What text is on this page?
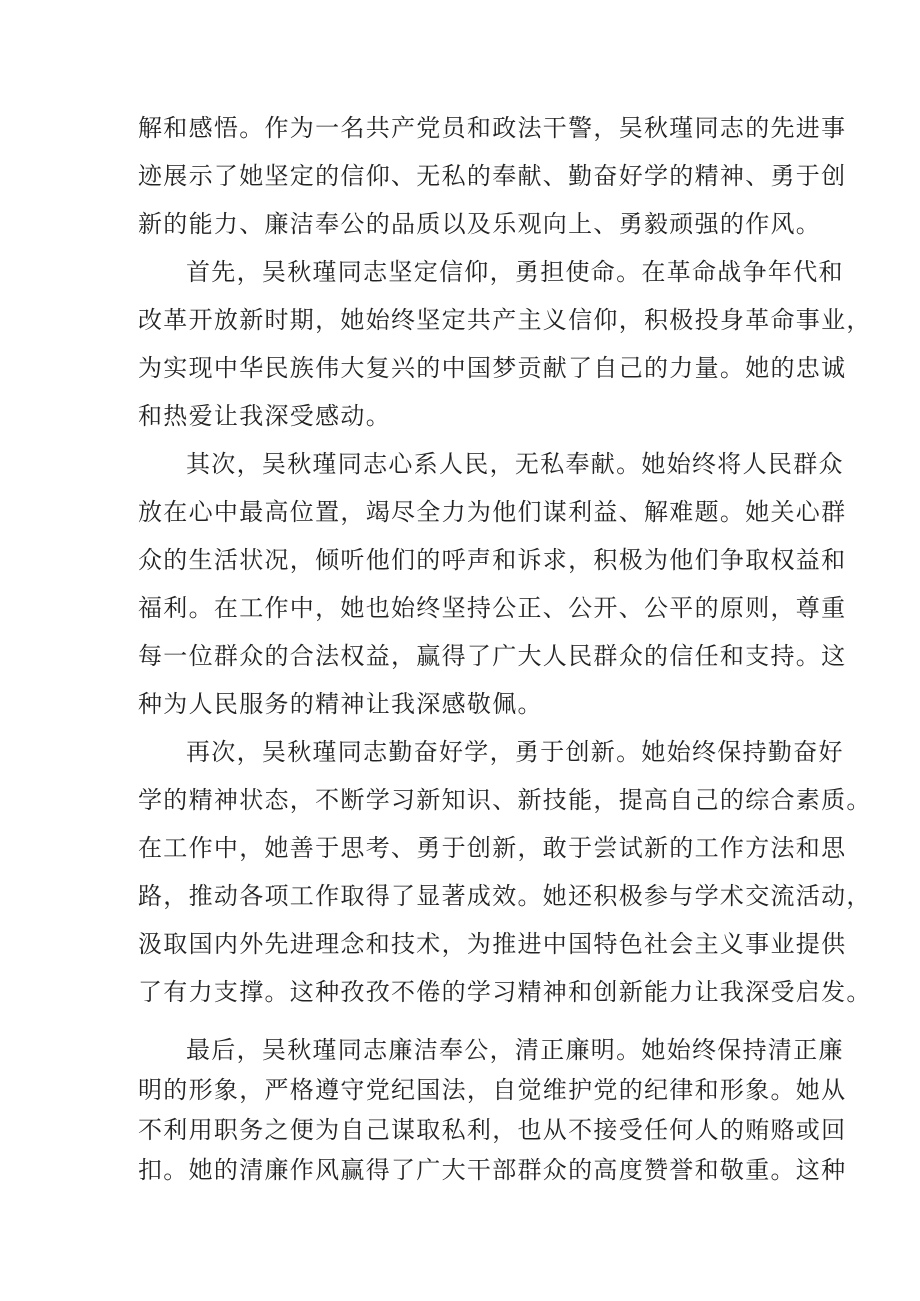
解和感悟。作为一名共产党员和政法干警，吴秋瑾同志的先进事
迹展示了她坚定的信仰、无私的奉献、勤奋好学的精神、勇于创
新的能力、廉洁奉公的品质以及乐观向上、勇毅顽强的作风。
首先，吴秋瑾同志坚定信仰，勇担使命。在革命战争年代和
改革开放新时期，她始终坚定共产主义信仰，积极投身革命事业，
为实现中华民族伟大复兴的中国梦贡献了自己的力量。她的忠诚
和热爱让我深受感动。
其次，吴秋瑾同志心系人民，无私奉献。她始终将人民群众
放在心中最高位置，竭尽全力为他们谋利益、解难题。她关心群
众的生活状况，倾听他们的呼声和诉求，积极为他们争取权益和
福利。在工作中，她也始终坚持公正、公开、公平的原则，尊重
每一位群众的合法权益，赢得了广大人民群众的信任和支持。这
种为人民服务的精神让我深感敬佩。
再次，吴秋瑾同志勤奋好学，勇于创新。她始终保持勤奋好
学的精神状态，不断学习新知识、新技能，提高自己的综合素质。
在工作中，她善于思考、勇于创新，敢于尝试新的工作方法和思
路，推动各项工作取得了显著成效。她还积极参与学术交流活动，
汲取国内外先进理念和技术，为推进中国特色社会主义事业提供
了有力支撑。这种孜孜不倦的学习精神和创新能力让我深受启发。
最后，吴秋瑾同志廉洁奉公，清正廉明。她始终保持清正廉
明的形象，严格遵守党纪国法，自觉维护党的纪律和形象。她从
不利用职务之便为自己谋取私利，也从不接受任何人的贿赂或回
扣。她的清廉作风赢得了广大干部群众的高度赞誉和敬重。这种
